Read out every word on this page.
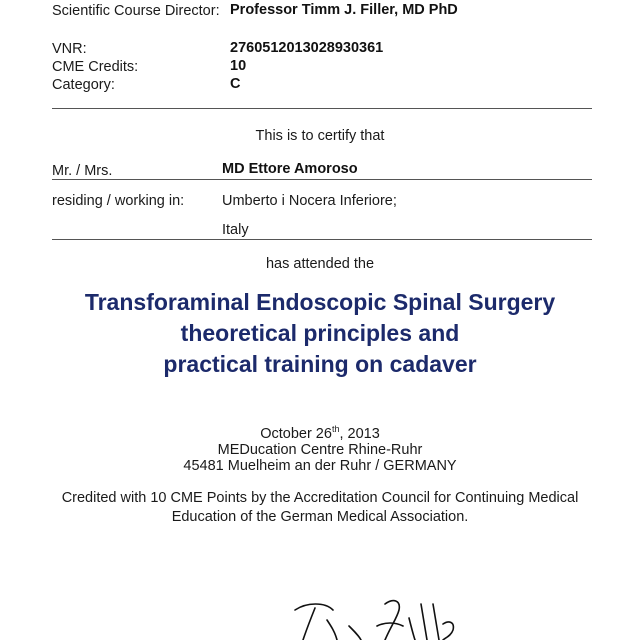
Scientific Course Director: Professor Timm J. Filler, MD PhD
VNR:	2760512013028930361
CME Credits:	10
Category:	C
This is to certify that
Mr. / Mrs.	MD Ettore Amoroso
residing / working in:	Umberto i Nocera Inferiore;
Italy
has attended the
Transforaminal Endoscopic Spinal Surgery
theoretical principles and
practical training on cadaver
October 26th, 2013
MEDucation Centre Rhine-Ruhr
45481 Muelheim an der Ruhr / GERMANY
Credited with 10 CME Points by the Accreditation Council for Continuing Medical
Education of the German Medical Association.
